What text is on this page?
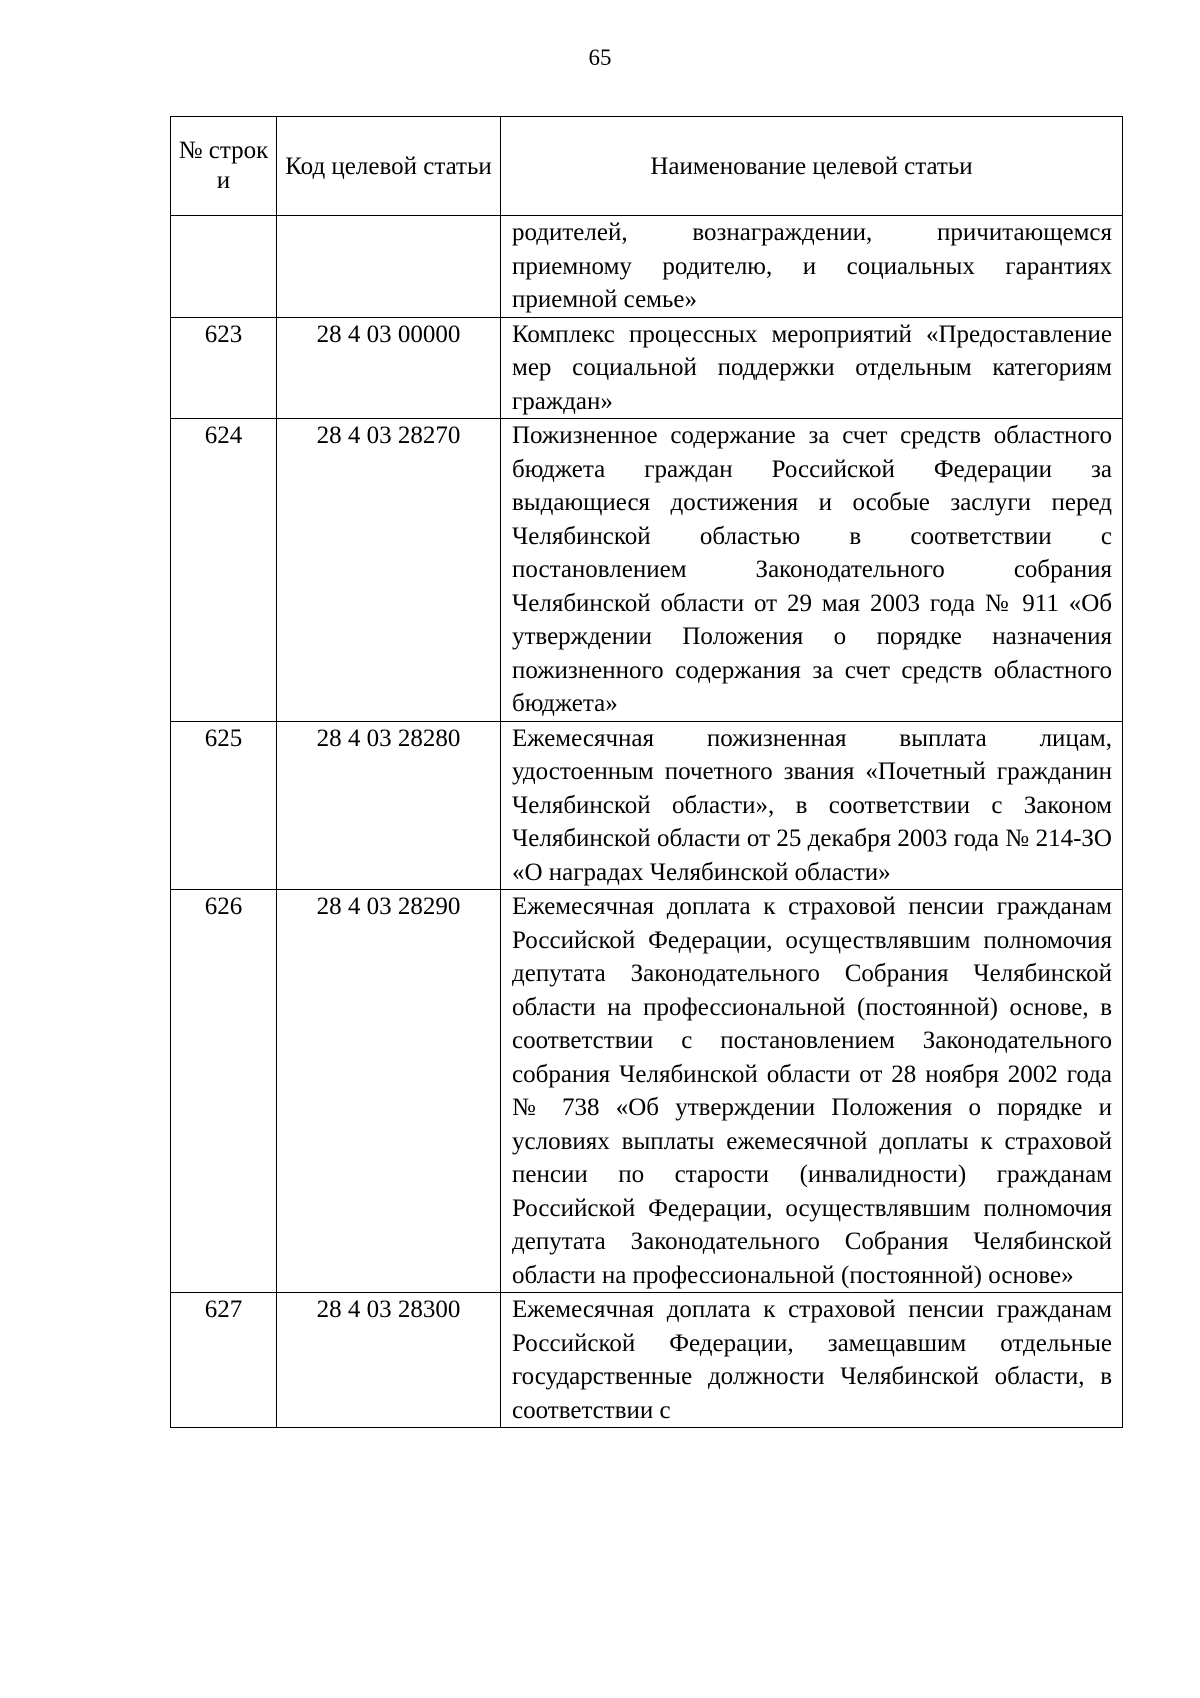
65
№ строк и	Код целевой статьи	Наименование целевой статьи
		родителей, вознаграждении, причитающемся приемному родителю, и социальных гарантиях приемной семье»
623	28 4 03 00000	Комплекс процессных мероприятий «Предоставление мер социальной поддержки отдельным категориям граждан»
624	28 4 03 28270	Пожизненное содержание за счет средств областного бюджета граждан Российской Федерации за выдающиеся достижения и особые заслуги перед Челябинской областью в соответствии с постановлением Законодательного собрания Челябинской области от 29 мая 2003 года № 911 «Об утверждении Положения о порядке назначения пожизненного содержания за счет средств областного бюджета»
625	28 4 03 28280	Ежемесячная пожизненная выплата лицам, удостоенным почетного звания «Почетный гражданин Челябинской области», в соответствии с Законом Челябинской области от 25 декабря 2003 года № 214-ЗО «О наградах Челябинской области»
626	28 4 03 28290	Ежемесячная доплата к страховой пенсии гражданам Российской Федерации, осуществлявшим полномочия депутата Законодательного Собрания Челябинской области на профессиональной (постоянной) основе, в соответствии с постановлением Законодательного собрания Челябинской области от 28 ноября 2002 года № 738 «Об утверждении Положения о порядке и условиях выплаты ежемесячной доплаты к страховой пенсии по старости (инвалидности) гражданам Российской Федерации, осуществлявшим полномочия депутата Законодательного Собрания Челябинской области на профессиональной (постоянной) основе»
627	28 4 03 28300	Ежемесячная доплата к страховой пенсии гражданам Российской Федерации, замещавшим отдельные государственные должности Челябинской области, в соответствии с
